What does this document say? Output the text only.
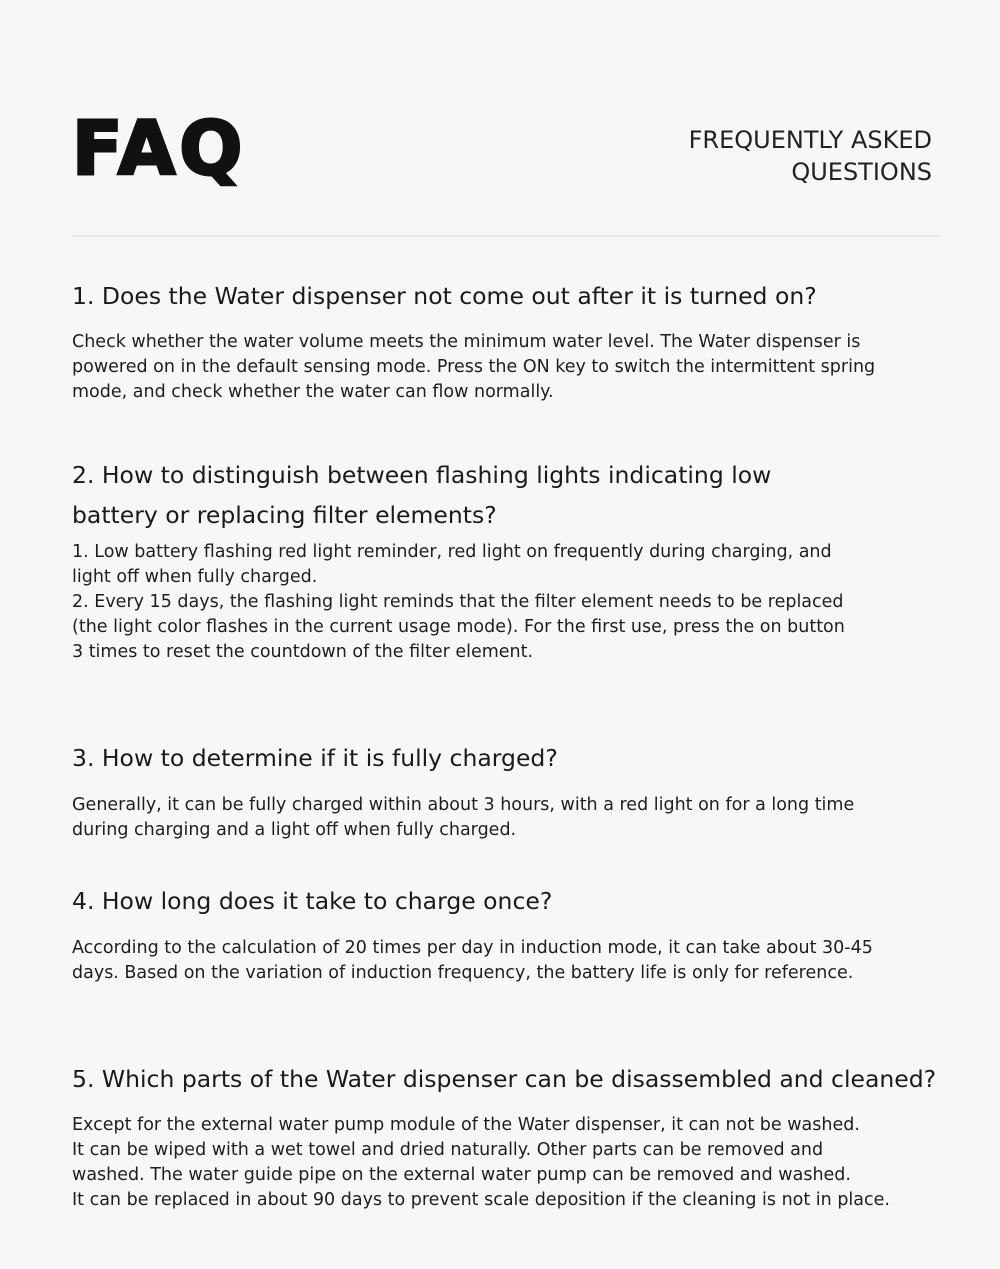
FAQ	FREQUENTLY ASKED
QUESTIONS
1. Does the Water dispenser not come out after it is turned on?
Check whether the water volume meets the minimum water level. The Water dispenser is
powered on in the default sensing mode. Press the ON key to switch the intermittent spring
mode, and check whether the water can flow normally.
2. How to distinguish between flashing lights indicating low
battery or replacing filter elements?
1. Low battery flashing red light reminder, red light on frequently during charging, and
light off when fully charged.
2. Every 15 days, the flashing light reminds that the filter element needs to be replaced
(the light color flashes in the current usage mode). For the first use, press the on button
3 times to reset the countdown of the filter element.
3. How to determine if it is fully charged?
Generally, it can be fully charged within about 3 hours, with a red light on for a long time
during charging and a light off when fully charged.
4. How long does it take to charge once?
According to the calculation of 20 times per day in induction mode, it can take about 30-45
days. Based on the variation of induction frequency, the battery life is only for reference.
5. Which parts of the Water dispenser can be disassembled and cleaned?
Except for the external water pump module of the Water dispenser, it can not be washed.
It can be wiped with a wet towel and dried naturally. Other parts can be removed and
washed. The water guide pipe on the external water pump can be removed and washed.
It can be replaced in about 90 days to prevent scale deposition if the cleaning is not in place.
